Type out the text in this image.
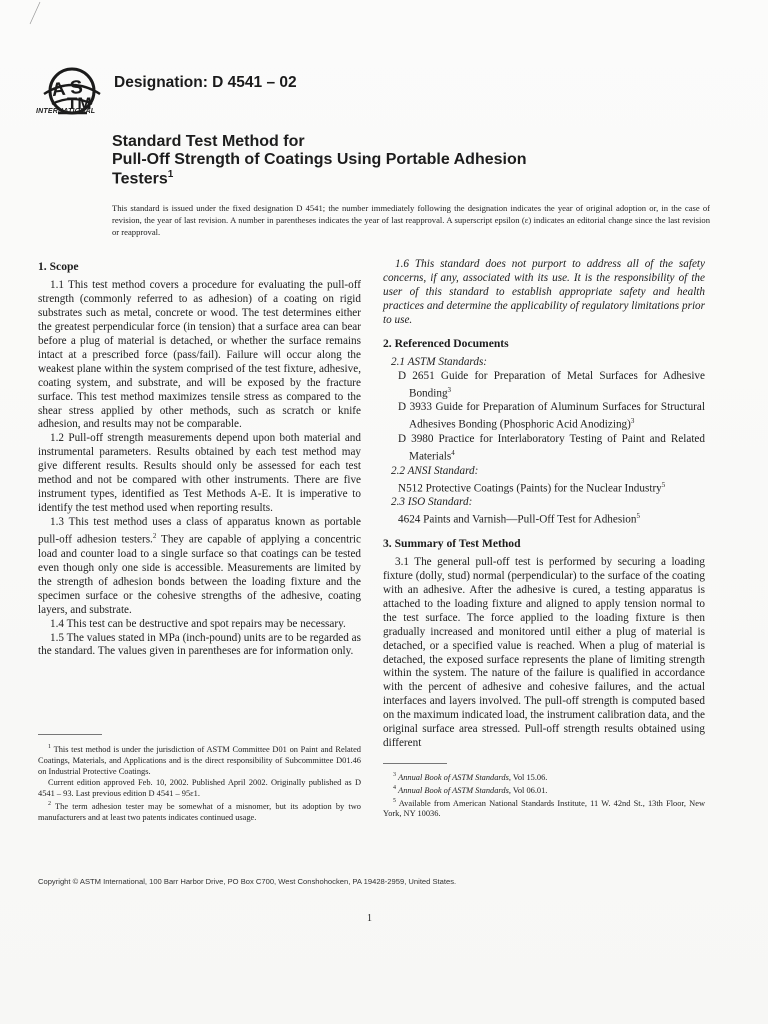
A S
TM
INTERNATIONAL
Designation: D 4541 – 02
Standard Test Method for
Pull-Off Strength of Coatings Using Portable Adhesion
Testers$^1$
This standard is issued under the fixed designation D 4541; the number immediately following the designation indicates the year of original adoption or, in the case of revision, the year of last revision. A number in parentheses indicates the year of last reapproval. A superscript epsilon (ε) indicates an editorial change since the last revision or reapproval.
1. Scope

1.1 This test method covers a procedure for evaluating the pull-off strength (commonly referred to as adhesion) of a coating on rigid substrates such as metal, concrete or wood. The test determines either the greatest perpendicular force (in tension) that a surface area can bear before a plug of material is detached, or whether the surface remains intact at a prescribed force (pass/fail). Failure will occur along the weakest plane within the system comprised of the test fixture, adhesive, coating system, and substrate, and will be exposed by the fracture surface. This test method maximizes tensile stress as compared to the shear stress applied by other methods, such as scratch or knife adhesion, and results may not be comparable.

1.2 Pull-off strength measurements depend upon both material and instrumental parameters. Results obtained by each test method may give different results. Results should only be assessed for each test method and not be compared with other instruments. There are five instrument types, identified as Test Methods A-E. It is imperative to identify the test method used when reporting results.

1.3 This test method uses a class of apparatus known as portable pull-off adhesion testers.$^2$ They are capable of applying a concentric load and counter load to a single surface so that coatings can be tested even though only one side is accessible. Measurements are limited by the strength of adhesion bonds between the loading fixture and the specimen surface or the cohesive strengths of the adhesive, coating layers, and substrate.

1.4 This test can be destructive and spot repairs may be necessary.

1.5 The values stated in MPa (inch-pound) units are to be regarded as the standard. The values given in parentheses are for information only.

1.6 This standard does not purport to address all of the safety concerns, if any, associated with its use. It is the responsibility of the user of this standard to establish appropriate safety and health practices and determine the applicability of regulatory limitations prior to use.

2. Referenced Documents

2.1 ASTM Standards:

D 2651 Guide for Preparation of Metal Surfaces for Adhesive Bonding$^3$

D 3933 Guide for Preparation of Aluminum Surfaces for Structural Adhesives Bonding (Phosphoric Acid Anodizing)$^3$

D 3980 Practice for Interlaboratory Testing of Paint and Related Materials$^4$

2.2 ANSI Standard:

N512 Protective Coatings (Paints) for the Nuclear Industry$^5$

2.3 ISO Standard:

4624 Paints and Varnish—Pull-Off Test for Adhesion$^5$

3. Summary of Test Method

3.1 The general pull-off test is performed by securing a loading fixture (dolly, stud) normal (perpendicular) to the surface of the coating with an adhesive. After the adhesive is cured, a testing apparatus is attached to the loading fixture and aligned to apply tension normal to the test surface. The force applied to the loading fixture is then gradually increased and monitored until either a plug of material is detached, or a specified value is reached. When a plug of material is detached, the exposed surface represents the plane of limiting strength within the system. The nature of the failure is qualified in accordance with the percent of adhesive and cohesive failures, and the actual interfaces and layers involved. The pull-off strength is computed based on the maximum indicated load, the instrument calibration data, and the original surface area stressed. Pull-off strength results obtained using different

$^1$ This test method is under the jurisdiction of ASTM Committee D01 on Paint and Related Coatings, Materials, and Applications and is the direct responsibility of Subcommittee D01.46 on Industrial Protective Coatings.

Current edition approved Feb. 10, 2002. Published April 2002. Originally published as D 4541 – 93. Last previous edition D 4541 – 95ε1.

$^2$ The term adhesion tester may be somewhat of a misnomer, but its adoption by two manufacturers and at least two patents indicates continued usage.

$^3$ Annual Book of ASTM Standards, Vol 15.06.

$^4$ Annual Book of ASTM Standards, Vol 06.01.

$^5$ Available from American National Standards Institute, 11 W. 42nd St., 13th Floor, New York, NY 10036.

Copyright © ASTM International, 100 Barr Harbor Drive, PO Box C700, West Conshohocken, PA 19428-2959, United States.
1
